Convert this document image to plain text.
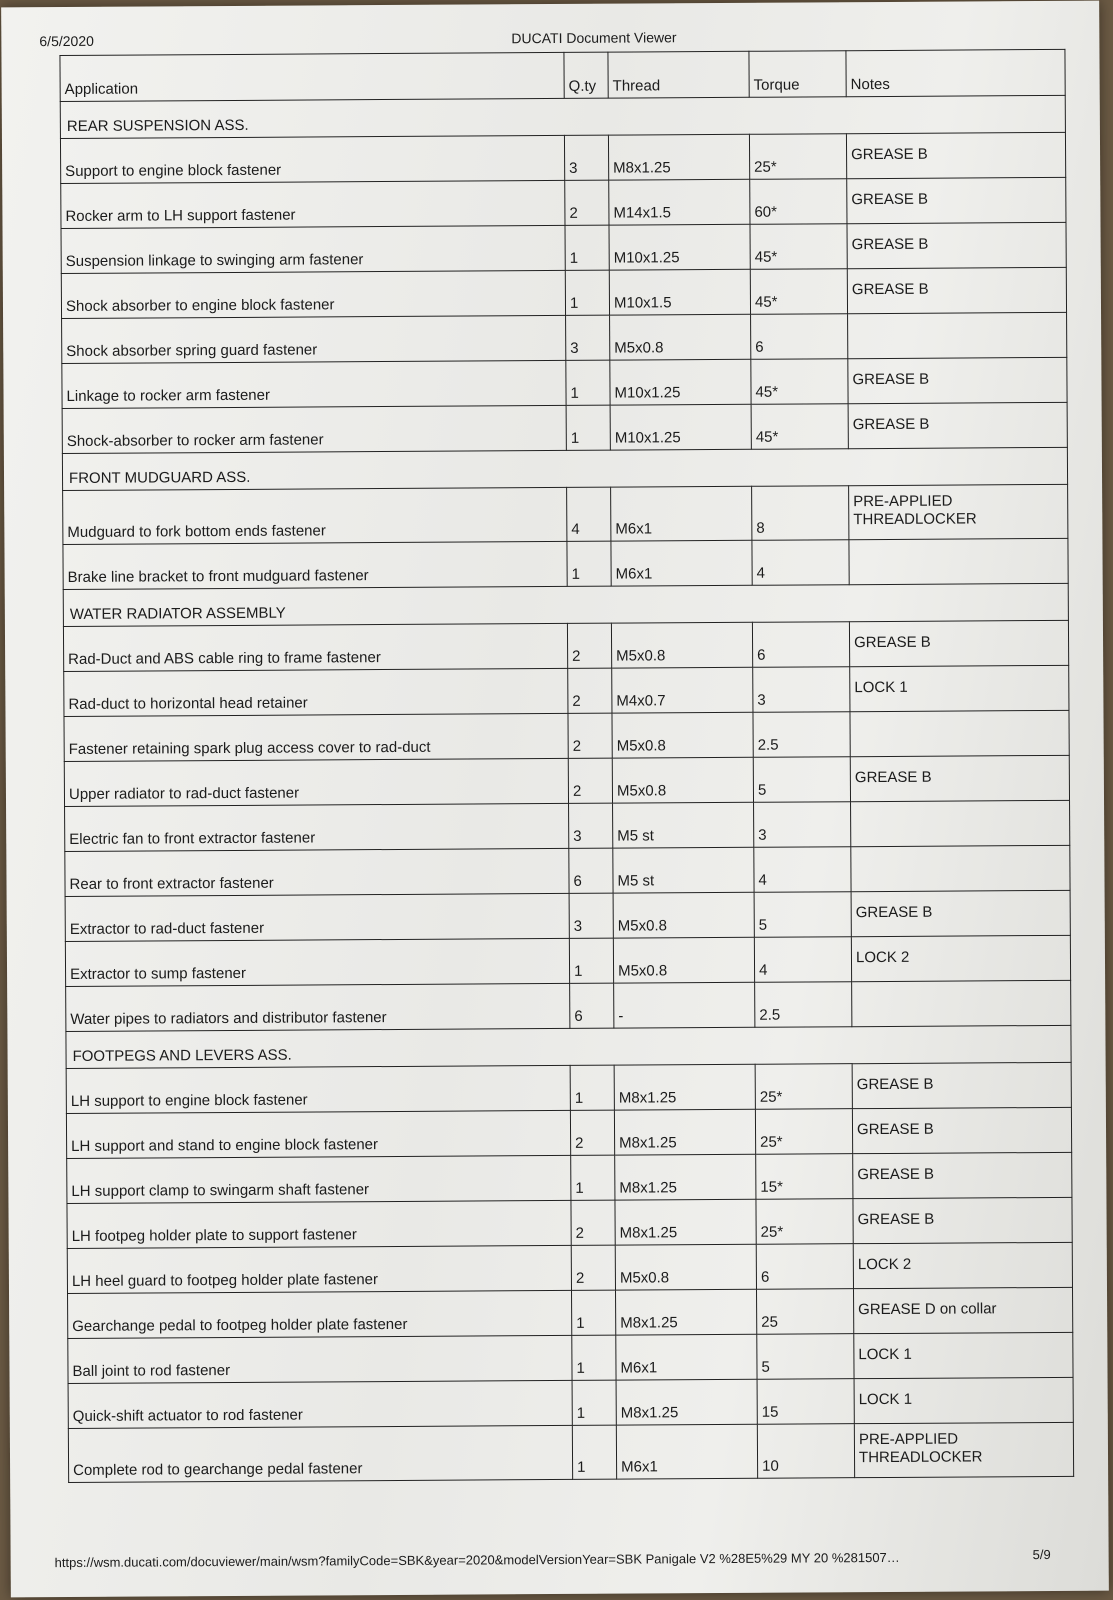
6/5/2020	DUCATI Document Viewer
Application	Q.ty	Thread	Torque	Notes
REAR SUSPENSION ASS.				
Support to engine block fastener	3	M8x1.25	25*	GREASE B
Rocker arm to LH support fastener	2	M14x1.5	60*	GREASE B
Suspension linkage to swinging arm fastener	1	M10x1.25	45*	GREASE B
Shock absorber to engine block fastener	1	M10x1.5	45*	GREASE B
Shock absorber spring guard fastener	3	M5x0.8	6	
Linkage to rocker arm fastener	1	M10x1.25	45*	GREASE B
Shock-absorber to rocker arm fastener	1	M10x1.25	45*	GREASE B
FRONT MUDGUARD ASS.				
Mudguard to fork bottom ends fastener	4	M6x1	8	PRE-APPLIED THREADLOCKER
Brake line bracket to front mudguard fastener	1	M6x1	4	
WATER RADIATOR ASSEMBLY				
Rad-Duct and ABS cable ring to frame fastener	2	M5x0.8	6	GREASE B
Rad-duct to horizontal head retainer	2	M4x0.7	3	LOCK 1
Fastener retaining spark plug access cover to rad-duct	2	M5x0.8	2.5	
Upper radiator to rad-duct fastener	2	M5x0.8	5	GREASE B
Electric fan to front extractor fastener	3	M5 st	3	
Rear to front extractor fastener	6	M5 st	4	
Extractor to rad-duct fastener	3	M5x0.8	5	GREASE B
Extractor to sump fastener	1	M5x0.8	4	LOCK 2
Water pipes to radiators and distributor fastener	6	-	2.5	
FOOTPEGS AND LEVERS ASS.				
LH support to engine block fastener	1	M8x1.25	25*	GREASE B
LH support and stand to engine block fastener	2	M8x1.25	25*	GREASE B
LH support clamp to swingarm shaft fastener	1	M8x1.25	15*	GREASE B
LH footpeg holder plate to support fastener	2	M8x1.25	25*	GREASE B
LH heel guard to footpeg holder plate fastener	2	M5x0.8	6	LOCK 2
Gearchange pedal to footpeg holder plate fastener	1	M8x1.25	25	GREASE D on collar
Ball joint to rod fastener	1	M6x1	5	LOCK 1
Quick-shift actuator to rod fastener	1	M8x1.25	15	LOCK 1
Complete rod to gearchange pedal fastener	1	M6x1	10	PRE-APPLIED THREADLOCKER
https://wsm.ducati.com/docuviewer/main/wsm?familyCode=SBK&year=2020&modelVersionYear=SBK Panigale V2 %28E5%29 MY 20 %281507…	5/9
